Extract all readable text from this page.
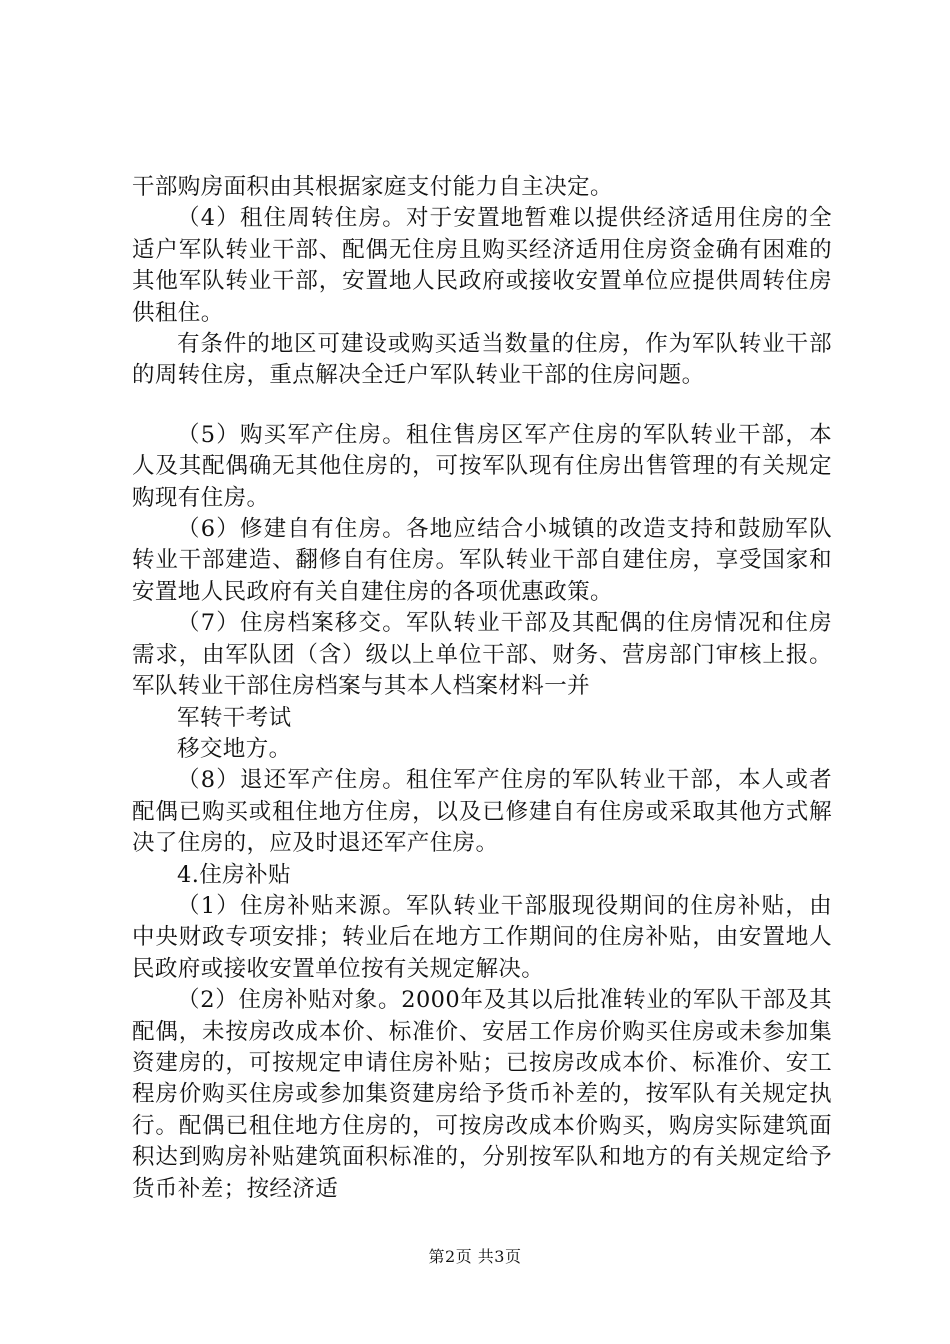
干部购房面积由其根据家庭支付能力自主决定。

（4）租住周转住房。对于安置地暂难以提供经济适用住房的全适户军队转业干部、配偶无住房且购买经济适用住房资金确有困难的其他军队转业干部，安置地人民政府或接收安置单位应提供周转住房供租住。

有条件的地区可建设或购买适当数量的住房，作为军队转业干部的周转住房，重点解决全迁户军队转业干部的住房问题。

（5）购买军产住房。租住售房区军产住房的军队转业干部，本人及其配偶确无其他住房的，可按军队现有住房出售管理的有关规定购现有住房。

（6）修建自有住房。各地应结合小城镇的改造支持和鼓励军队转业干部建造、翻修自有住房。军队转业干部自建住房，享受国家和安置地人民政府有关自建住房的各项优惠政策。

（7）住房档案移交。军队转业干部及其配偶的住房情况和住房需求，由军队团（含）级以上单位干部、财务、营房部门审核上报。军队转业干部住房档案与其本人档案材料一并

军转干考试

移交地方。

（8）退还军产住房。租住军产住房的军队转业干部，本人或者配偶已购买或租住地方住房，以及已修建自有住房或采取其他方式解决了住房的，应及时退还军产住房。

4.住房补贴

（1）住房补贴来源。军队转业干部服现役期间的住房补贴，由中央财政专项安排；转业后在地方工作期间的住房补贴，由安置地人民政府或接收安置单位按有关规定解决。

（2）住房补贴对象。2000年及其以后批准转业的军队干部及其配偶，未按房改成本价、标准价、安居工作房价购买住房或未参加集资建房的，可按规定申请住房补贴；已按房改成本价、标准价、安工程房价购买住房或参加集资建房给予货币补差的，按军队有关规定执行。配偶已租住地方住房的，可按房改成本价购买，购房实际建筑面积达到购房补贴建筑面积标准的，分别按军队和地方的有关规定给予货币补差；按经济适

第2页 共3页
